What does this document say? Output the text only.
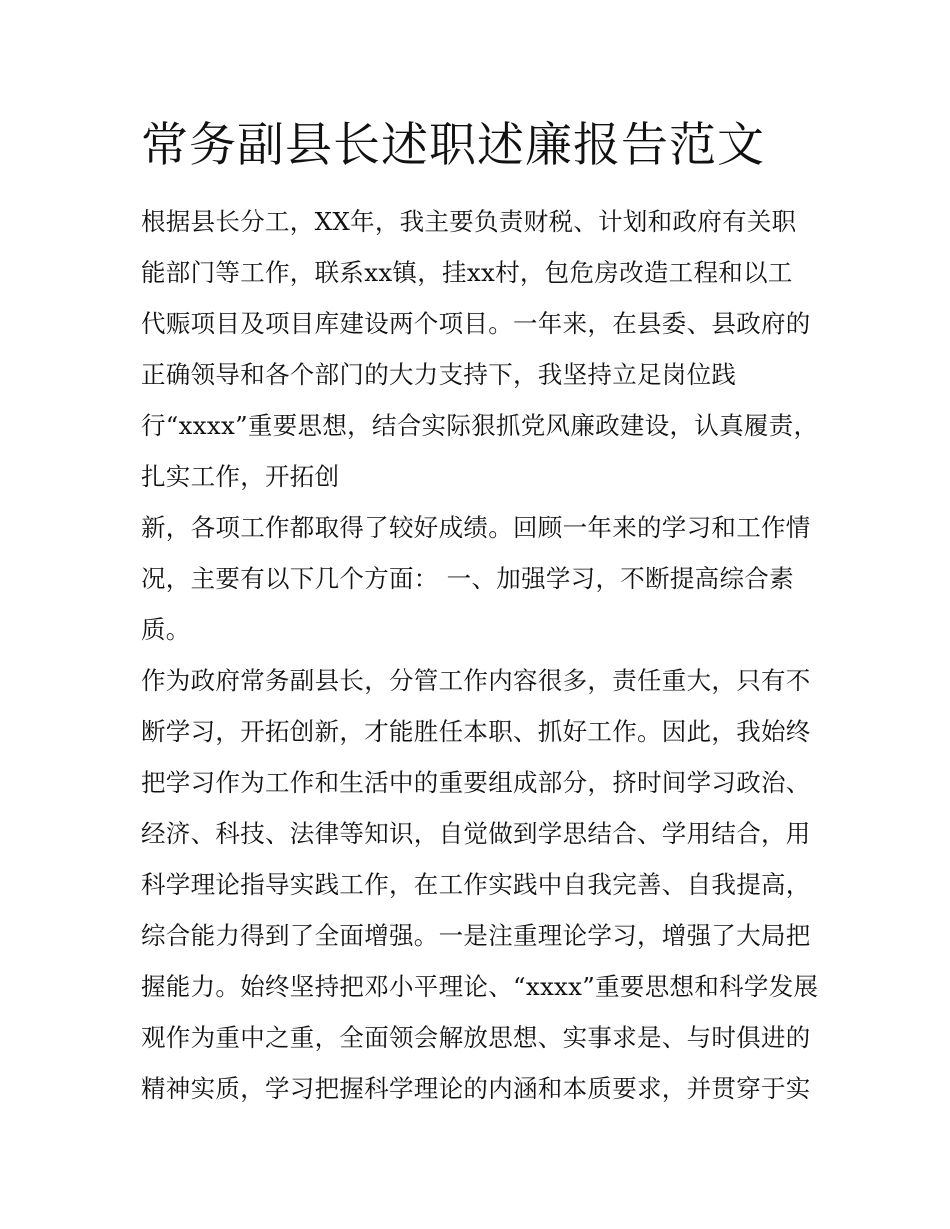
常务副县长述职述廉报告范文

根据县长分工，XX年，我主要负责财税、计划和政府有关职

能部门等工作，联系xx镇，挂xx村，包危房改造工程和以工

代赈项目及项目库建设两个项目。一年来，在县委、县政府的

正确领导和各个部门的大力支持下，我坚持立足岗位践

行“xxxx”重要思想，结合实际狠抓党风廉政建设，认真履责，

扎实工作，开拓创

新，各项工作都取得了较好成绩。回顾一年来的学习和工作情

况，主要有以下几个方面： 一、加强学习，不断提高综合素

质。

作为政府常务副县长，分管工作内容很多，责任重大，只有不

断学习，开拓创新，才能胜任本职、抓好工作。因此，我始终

把学习作为工作和生活中的重要组成部分，挤时间学习政治、

经济、科技、法律等知识，自觉做到学思结合、学用结合，用

科学理论指导实践工作，在工作实践中自我完善、自我提高，

综合能力得到了全面增强。一是注重理论学习，增强了大局把

握能力。始终坚持把邓小平理论、“xxxx”重要思想和科学发展

观作为重中之重，全面领会解放思想、实事求是、与时俱进的

精神实质，学习把握科学理论的内涵和本质要求，并贯穿于实
